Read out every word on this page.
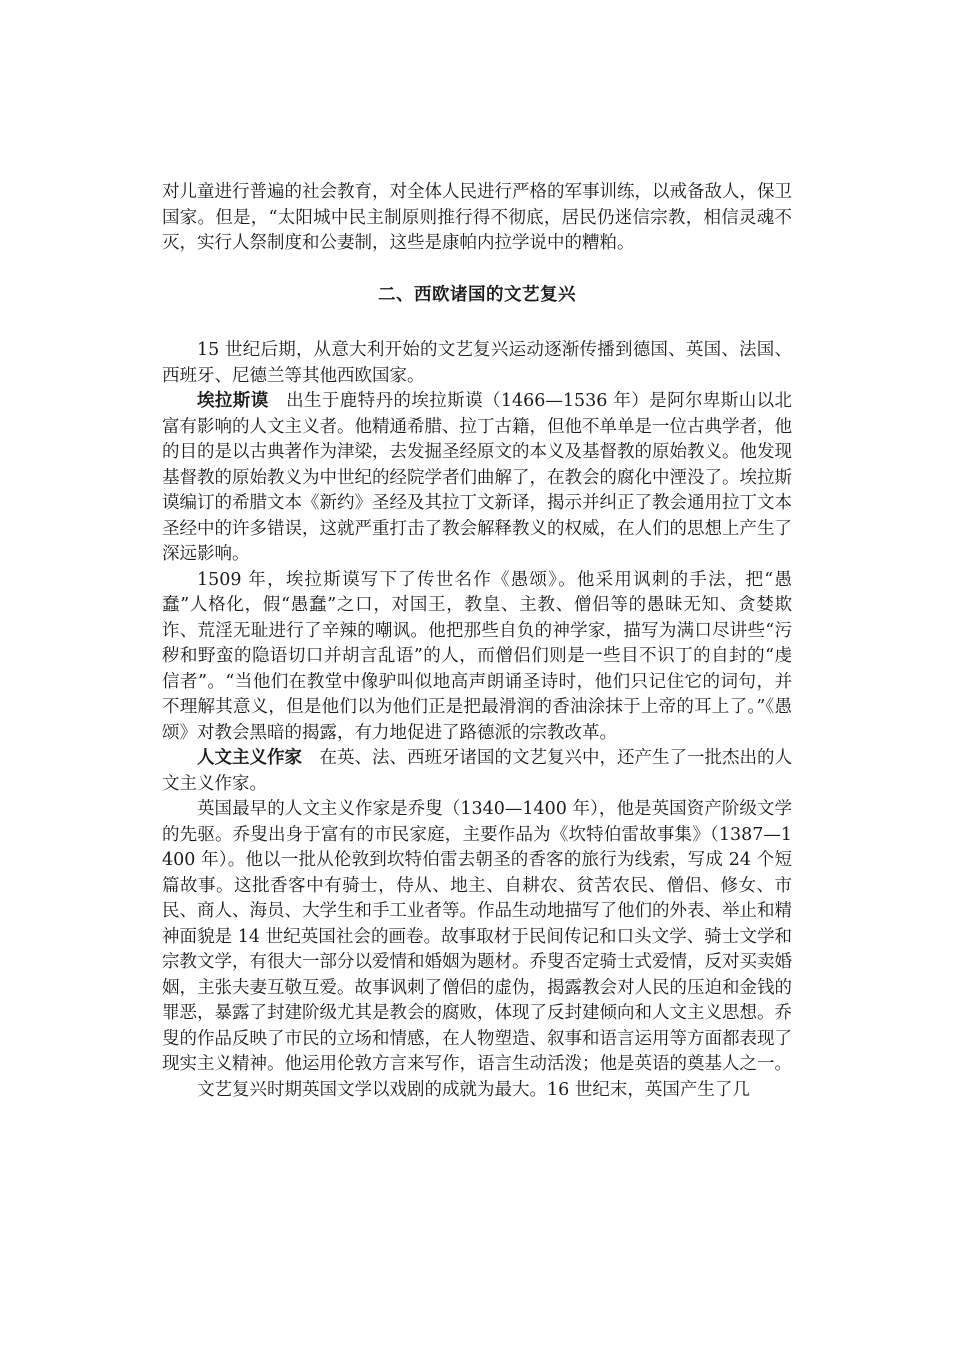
对儿童进行普遍的社会教育，对全体人民进行严格的军事训练，以戒备敌人，保卫国家。但是，“太阳城中民主制原则推行得不彻底，居民仍迷信宗教，相信灵魂不灭，实行人祭制度和公妻制，这些是康帕内拉学说中的糟粕。

二、西欧诸国的文艺复兴

15 世纪后期，从意大利开始的文艺复兴运动逐渐传播到德国、英国、法国、西班牙、尼德兰等其他西欧国家。

埃拉斯谟 出生于鹿特丹的埃拉斯谟（1466—1536 年）是阿尔卑斯山以北富有影响的人文主义者。他精通希腊、拉丁古籍，但他不单单是一位古典学者，他的目的是以古典著作为津梁，去发掘圣经原文的本义及基督教的原始教义。他发现基督教的原始教义为中世纪的经院学者们曲解了，在教会的腐化中湮没了。埃拉斯谟编订的希腊文本《新约》圣经及其拉丁文新译，揭示并纠正了教会通用拉丁文本圣经中的许多错误，这就严重打击了教会解释教义的权威，在人们的思想上产生了深远影响。

1509 年，埃拉斯谟写下了传世名作《愚颂》。他采用讽刺的手法，把“愚蠢”人格化，假“愚蠢”之口，对国王，教皇、主教、僧侣等的愚昧无知、贪婪欺诈、荒淫无耻进行了辛辣的嘲讽。他把那些自负的神学家，描写为满口尽讲些“污秽和野蛮的隐语切口并胡言乱语”的人，而僧侣们则是一些目不识丁的自封的“虔信者”。“当他们在教堂中像驴叫似地高声朗诵圣诗时，他们只记住它的词句，并不理解其意义，但是他们以为他们正是把最滑润的香油涂抹于上帝的耳上了。”《愚颂》对教会黑暗的揭露，有力地促进了路德派的宗教改革。

人文主义作家 在英、法、西班牙诸国的文艺复兴中，还产生了一批杰出的人文主义作家。

英国最早的人文主义作家是乔叟（1340—1400 年），他是英国资产阶级文学的先驱。乔叟出身于富有的市民家庭，主要作品为《坎特伯雷故事集》（1387—1400 年）。他以一批从伦敦到坎特伯雷去朝圣的香客的旅行为线索，写成 24 个短篇故事。这批香客中有骑士，侍从、地主、自耕农、贫苦农民、僧侣、修女、市民、商人、海员、大学生和手工业者等。作品生动地描写了他们的外表、举止和精神面貌是 14 世纪英国社会的画卷。故事取材于民间传记和口头文学、骑士文学和宗教文学，有很大一部分以爱情和婚姻为题材。乔叟否定骑士式爱情，反对买卖婚姻，主张夫妻互敬互爱。故事讽刺了僧侣的虚伪，揭露教会对人民的压迫和金钱的罪恶，暴露了封建阶级尤其是教会的腐败，体现了反封建倾向和人文主义思想。乔叟的作品反映了市民的立场和情感，在人物塑造、叙事和语言运用等方面都表现了现实主义精神。他运用伦敦方言来写作，语言生动活泼；他是英语的奠基人之一。

文艺复兴时期英国文学以戏剧的成就为最大。16 世纪末，英国产生了几
